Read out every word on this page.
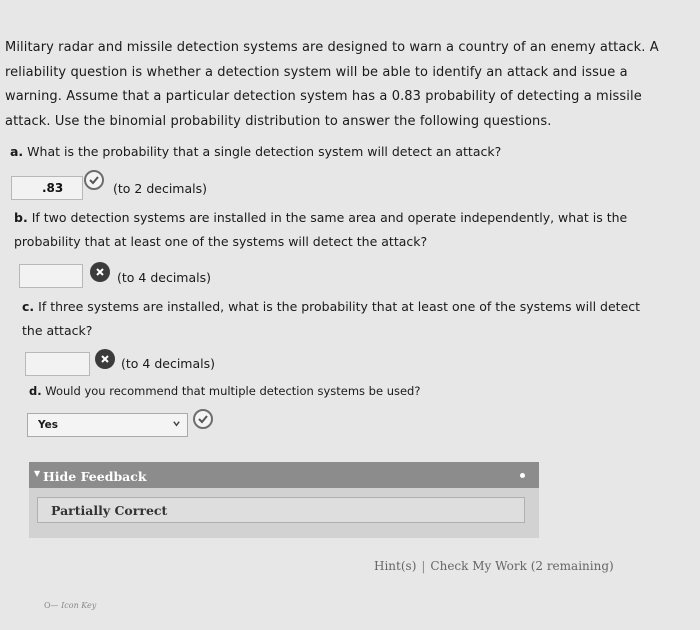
Military radar and missile detection systems are designed to warn a country of an enemy attack. A
reliability question is whether a detection system will be able to identify an attack and issue a
warning. Assume that a particular detection system has a 0.83 probability of detecting a missile
attack. Use the binomial probability distribution to answer the following questions.
a. What is the probability that a single detection system will detect an attack?
.83
(to 2 decimals)
b. If two detection systems are installed in the same area and operate independently, what is the
probability that at least one of the systems will detect the attack?
(to 4 decimals)
c. If three systems are installed, what is the probability that at least one of the systems will detect
the attack?
(to 4 decimals)
d. Would you recommend that multiple detection systems be used?
Yes
▼ Hide Feedback
Partially Correct
Hint(s) | Check My Work (2 remaining)
O— Icon Key
